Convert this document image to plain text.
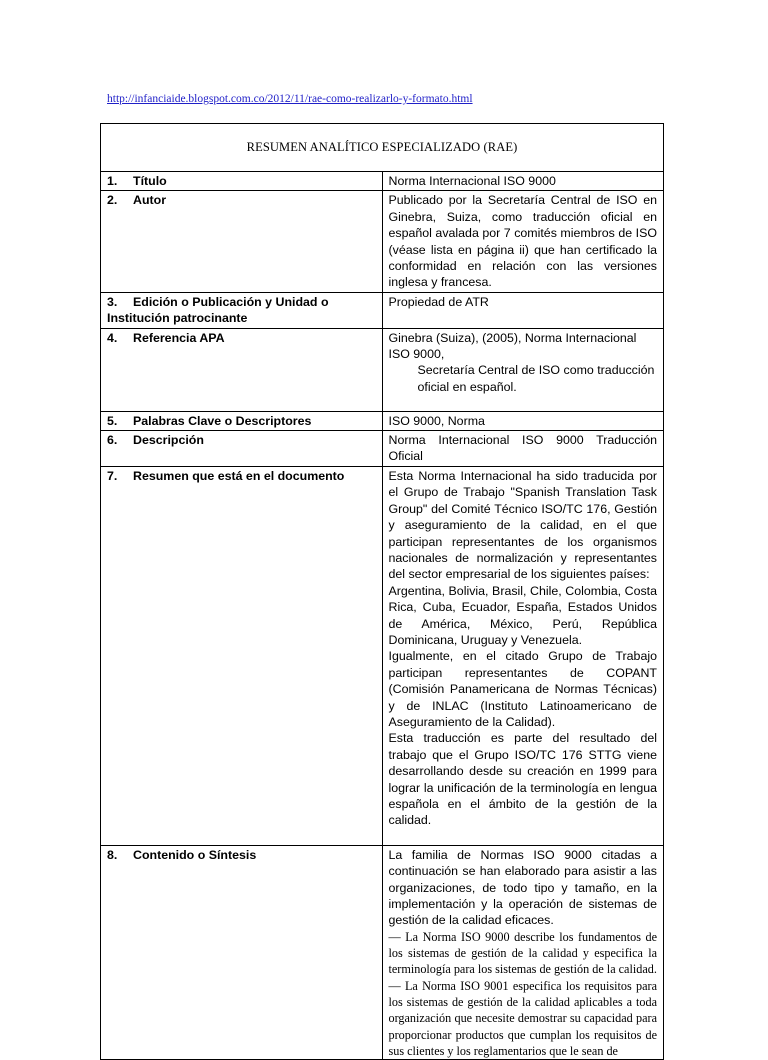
http://infanciaide.blogspot.com.co/2012/11/rae-como-realizarlo-y-formato.html
RESUMEN ANALÍTICO ESPECIALIZADO (RAE)	
1. Título	Norma Internacional ISO 9000
2. Autor	Publicado por la Secretaría Central de ISO en Ginebra, Suiza, como traducción oficial en español avalada por 7 comités miembros de ISO (véase lista en página ii) que han certificado la conformidad en relación con las versiones inglesa y francesa.
3. Edición o Publicación y Unidad o Institución patrocinante	Propiedad de ATR
4. Referencia APA	Ginebra (Suiza), (2005), Norma Internacional ISO 9000,
Secretaría Central de ISO como traducción oficial en español.

5. Palabras Clave o Descriptores	ISO 9000, Norma
6. Descripción	Norma Internacional ISO 9000 Traducción Oficial
7. Resumen que está en el documento	Esta Norma Internacional ha sido traducida por el Grupo de Trabajo "Spanish Translation Task Group" del Comité Técnico ISO/TC 176, Gestión y aseguramiento de la calidad, en el que participan representantes de los organismos nacionales de normalización y representantes del sector empresarial de los siguientes países:
Argentina, Bolivia, Brasil, Chile, Colombia, Costa Rica, Cuba, Ecuador, España, Estados Unidos de América, México, Perú, República Dominicana, Uruguay y Venezuela.
Igualmente, en el citado Grupo de Trabajo participan representantes de COPANT (Comisión Panamericana de Normas Técnicas) y de INLAC (Instituto Latinoamericano de Aseguramiento de la Calidad).
Esta traducción es parte del resultado del trabajo que el Grupo ISO/TC 176 STTG viene desarrollando desde su creación en 1999 para lograr la unificación de la terminología en lengua española en el ámbito de la gestión de la calidad.

8. Contenido o Síntesis	La familia de Normas ISO 9000 citadas a continuación se han elaborado para asistir a las organizaciones, de todo tipo y tamaño, en la implementación y la operación de sistemas de gestión de la calidad eficaces.
— La Norma ISO 9000 describe los fundamentos de los sistemas de gestión de la calidad y especifica la terminología para los sistemas de gestión de la calidad.
— La Norma ISO 9001 especifica los requisitos para los sistemas de gestión de la calidad aplicables a toda organización que necesite demostrar su capacidad para proporcionar productos que cumplan los requisitos de sus clientes y los reglamentarios que le sean de
